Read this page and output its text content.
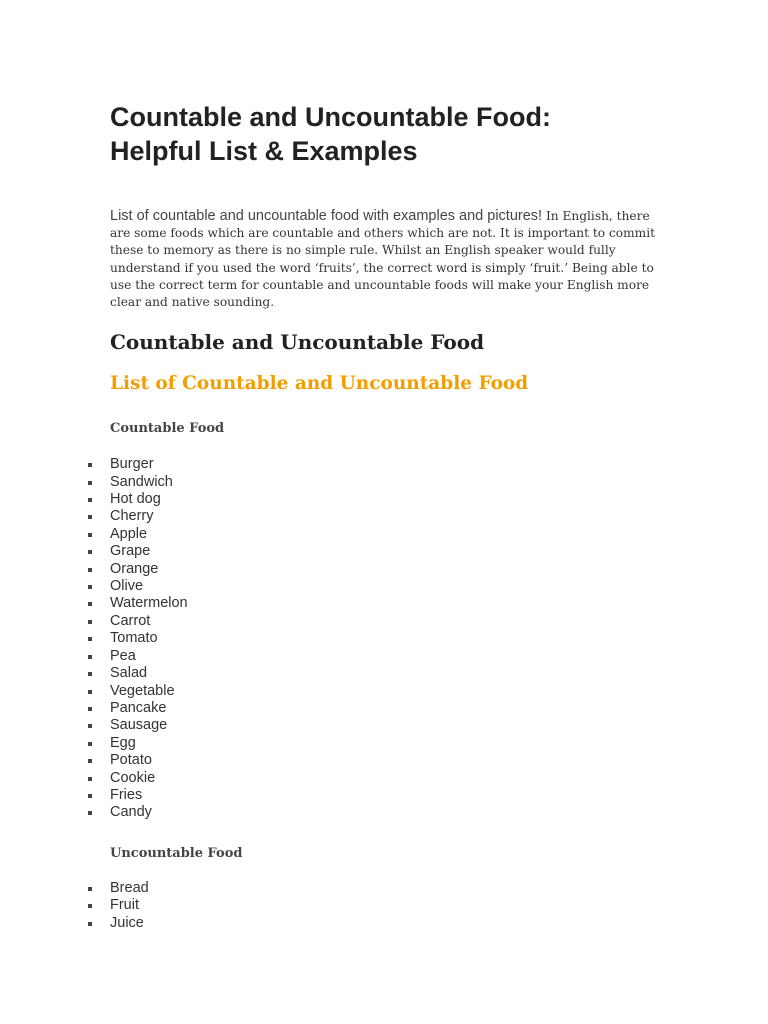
Countable and Uncountable Food:
Helpful List & Examples

List of countable and uncountable food with examples and pictures! In English, there are some foods which are countable and others which are not. It is important to commit these to memory as there is no simple rule. Whilst an English speaker would fully understand if you used the word ‘fruits’, the correct word is simply ‘fruit.’ Being able to use the correct term for countable and uncountable foods will make your English more clear and native sounding.

Countable and Uncountable Food
List of Countable and Uncountable Food
Countable Food
Burger
Sandwich
Hot dog
Cherry
Apple
Grape
Orange
Olive
Watermelon
Carrot
Tomato
Pea
Salad
Vegetable
Pancake
Sausage
Egg
Potato
Cookie
Fries
Candy
Uncountable Food
Bread
Fruit
Juice
